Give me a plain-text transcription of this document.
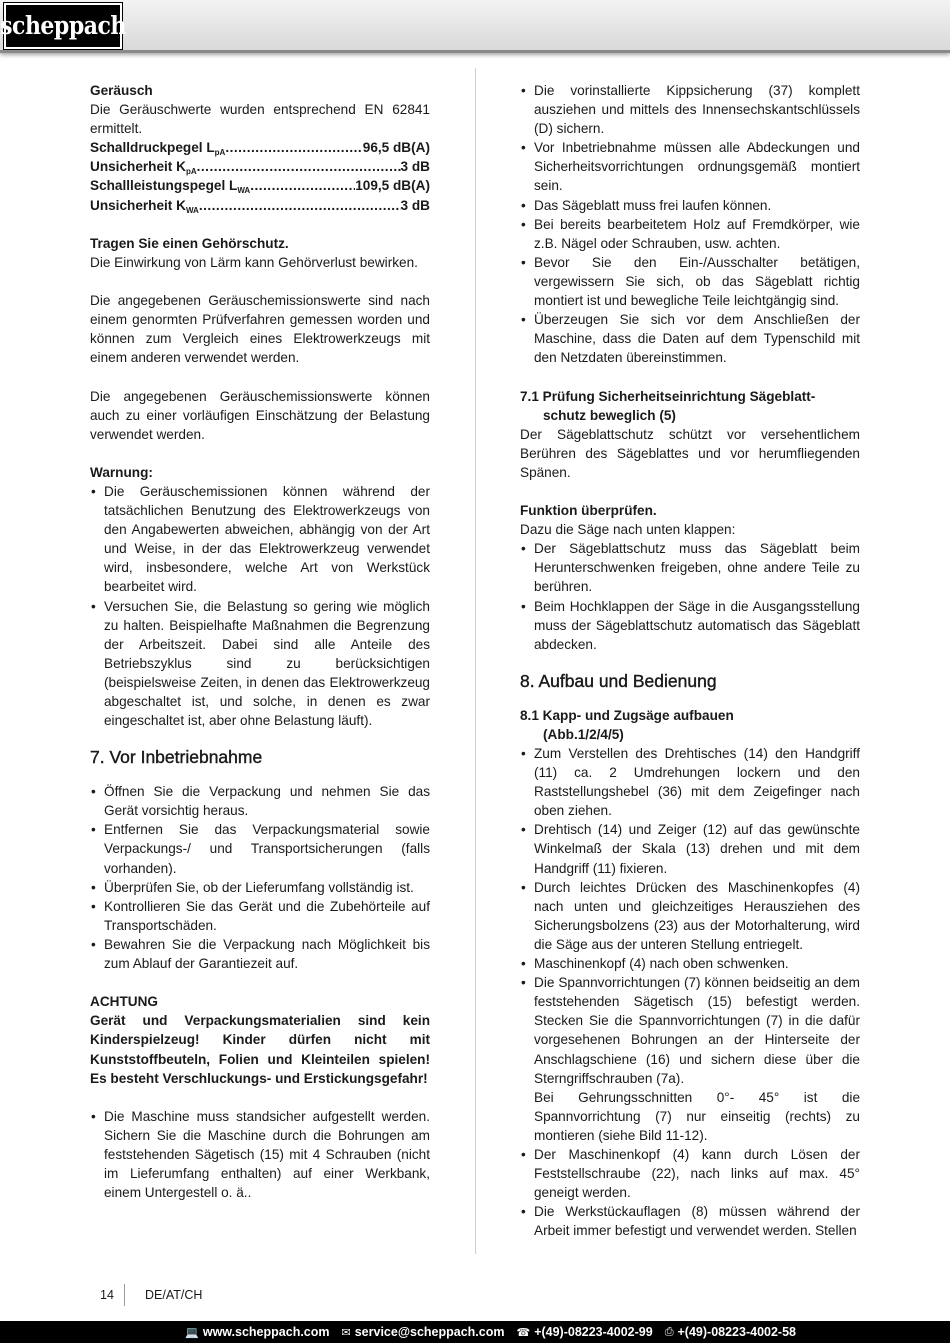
scheppach

Geräusch

Die Geräuschwerte wurden entsprechend EN 62841 ermittelt.

Schalldruckpegel $L_{pA}$ .....	96,5 dB(A)
Unsicherheit $K_{pA}$ .....	3 dB
Schallleistungspegel $L_{WA}$ .....	109,5 dB(A)
Unsicherheit $K_{WA}$ .....	3 dB

Tragen Sie einen Gehörschutz.

Die Einwirkung von Lärm kann Gehörverlust bewirken.

Die angegebenen Geräuschemissionswerte sind nach einem genormten Prüfverfahren gemessen worden und können zum Vergleich eines Elektrowerkzeugs mit einem anderen verwendet werden.

Die angegebenen Geräuschemissionswerte können auch zu einer vorläufigen Einschätzung der Belastung verwendet werden.

Warnung:

• Die Geräuschemissionen können während der tatsächlichen Benutzung des Elektrowerkzeugs von den Angabewerten abweichen, abhängig von der Art und Weise, in der das Elektrowerkzeug verwendet wird, insbesondere, welche Art von Werkstück bearbeitet wird.
• Versuchen Sie, die Belastung so gering wie möglich zu halten. Beispielhafte Maßnahmen die Begrenzung der Arbeitszeit. Dabei sind alle Anteile des Betriebszyklus sind zu berücksichtigen (beispielsweise Zeiten, in denen das Elektrowerkzeug abgeschaltet ist, und solche, in denen es zwar eingeschaltet ist, aber ohne Belastung läuft).
7. Vor Inbetriebnahme
• Öffnen Sie die Verpackung und nehmen Sie das Gerät vorsichtig heraus.
• Entfernen Sie das Verpackungsmaterial sowie Verpackungs-/ und Transportsicherungen (falls vorhanden).
• Überprüfen Sie, ob der Lieferumfang vollständig ist.
• Kontrollieren Sie das Gerät und die Zubehörteile auf Transportschäden.
• Bewahren Sie die Verpackung nach Möglichkeit bis zum Ablauf der Garantiezeit auf.

ACHTUNG

Gerät und Verpackungsmaterialien sind kein Kinderspielzeug! Kinder dürfen nicht mit Kunststoffbeuteln, Folien und Kleinteilen spielen! Es besteht Verschluckungs- und Erstickungsgefahr!

• Die Maschine muss standsicher aufgestellt werden. Sichern Sie die Maschine durch die Bohrungen am feststehenden Sägetisch (15) mit 4 Schrauben (nicht im Lieferumfang enthalten) auf einer Werkbank, einem Untergestell o. ä..
• Die vorinstallierte Kippsicherung (37) komplett ausziehen und mittels des Innensechskantschlüssels (D) sichern.
• Vor Inbetriebnahme müssen alle Abdeckungen und Sicherheitsvorrichtungen ordnungsgemäß montiert sein.
• Das Sägeblatt muss frei laufen können.
• Bei bereits bearbeitetem Holz auf Fremdkörper, wie z.B. Nägel oder Schrauben, usw. achten.
• Bevor Sie den Ein-/Ausschalter betätigen, vergewissern Sie sich, ob das Sägeblatt richtig montiert ist und bewegliche Teile leichtgängig sind.
• Überzeugen Sie sich vor dem Anschließen der Maschine, dass die Daten auf dem Typenschild mit den Netzdaten übereinstimmen.

7.1 Prüfung Sicherheitseinrichtung Sägeblatt-

schutz beweglich (5)

Der Sägeblattschutz schützt vor versehentlichem Berühren des Sägeblattes und vor herumfliegenden Spänen.

Funktion überprüfen.

Dazu die Säge nach unten klappen:

• Der Sägeblattschutz muss das Sägeblatt beim Herunterschwenken freigeben, ohne andere Teile zu berühren.
• Beim Hochklappen der Säge in die Ausgangsstellung muss der Sägeblattschutz automatisch das Sägeblatt abdecken.
8. Aufbau und Bedienung

8.1 Kapp- und Zugsäge aufbauen

(Abb.1/2/4/5)

• Zum Verstellen des Drehtisches (14) den Handgriff (11) ca. 2 Umdrehungen lockern und den Raststellungshebel (36) mit dem Zeigefinger nach oben ziehen.
• Drehtisch (14) und Zeiger (12) auf das gewünschte Winkelmaß der Skala (13) drehen und mit dem Handgriff (11) fixieren.
• Durch leichtes Drücken des Maschinenkopfes (4) nach unten und gleichzeitiges Herausziehen des Sicherungsbolzens (23) aus der Motorhalterung, wird die Säge aus der unteren Stellung entriegelt.
• Maschinenkopf (4) nach oben schwenken.
• Die Spannvorrichtungen (7) können beidseitig an dem feststehenden Sägetisch (15) befestigt werden. Stecken Sie die Spannvorrichtungen (7) in die dafür vorgesehenen Bohrungen an der Hinterseite der Anschlagschiene (16) und sichern diese über die Sterngriffschrauben (7a).
Bei Gehrungsschnitten 0°- 45° ist die Spannvorrichtung (7) nur einseitig (rechts) zu montieren (siehe Bild 11-12).
• Der Maschinenkopf (4) kann durch Lösen der Feststellschraube (22), nach links auf max. 45° geneigt werden.
• Die Werkstückauflagen (8) müssen während der Arbeit immer befestigt und verwendet werden. Stellen
14	DE/AT/CH
💻 www.scheppach.com ✉ service@scheppach.com ☎ +(49)-08223-4002-99 ⎙ +(49)-08223-4002-58
